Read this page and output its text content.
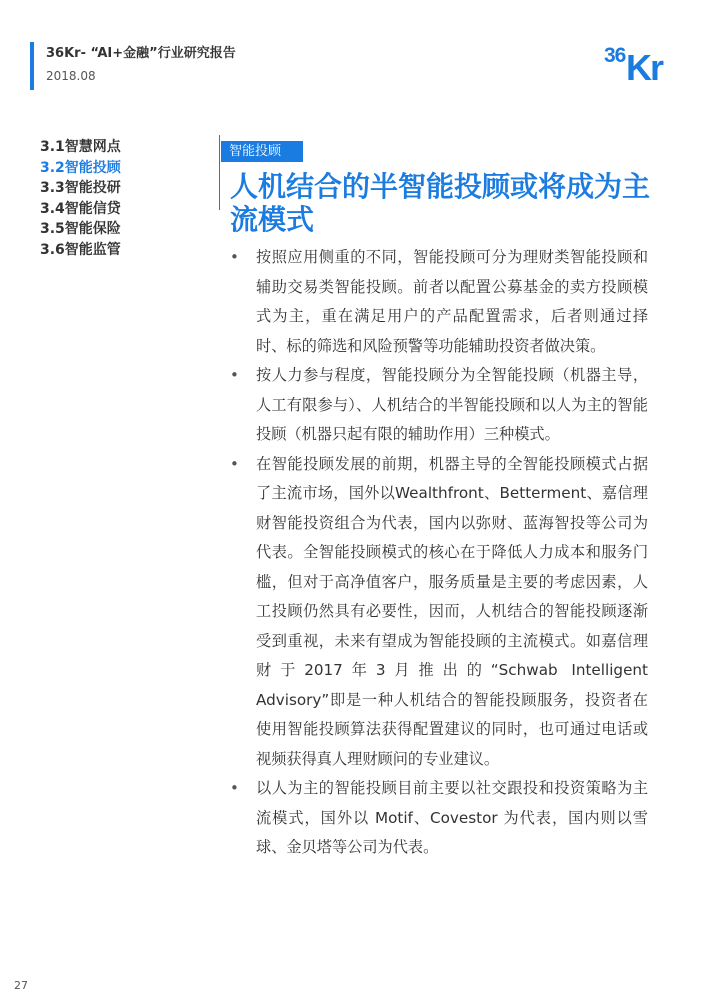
36Kr- “AI+金融”行业研究报告
2018.08
36 Kr
3.1智慧网点
3.2智能投顾
3.3智能投研
3.4智能信贷
3.5智能保险
3.6智能监管
智能投顾
人机结合的半智能投顾或将成为主流模式
• 按照应用侧重的不同，智能投顾可分为理财类智能投顾和辅助交易类智能投顾。前者以配置公募基金的卖方投顾模式为主，重在满足用户的产品配置需求，后者则通过择时、标的筛选和风险预警等功能辅助投资者做决策。
• 按人力参与程度，智能投顾分为全智能投顾（机器主导，人工有限参与）、人机结合的半智能投顾和以人为主的智能投顾（机器只起有限的辅助作用）三种模式。
• 在智能投顾发展的前期，机器主导的全智能投顾模式占据了主流市场，国外以Wealthfront、Betterment、嘉信理财智能投资组合为代表，国内以弥财、蓝海智投等公司为代表。全智能投顾模式的核心在于降低人力成本和服务门槛，但对于高净值客户，服务质量是主要的考虑因素，人工投顾仍然具有必要性，因而，人机结合的智能投顾逐渐受到重视，未来有望成为智能投顾的主流模式。如嘉信理财于2017年3月推出的“Schwab Intelligent Advisory”即是一种人机结合的智能投顾服务，投资者在使用智能投顾算法获得配置建议的同时，也可通过电话或视频获得真人理财顾问的专业建议。
• 以人为主的智能投顾目前主要以社交跟投和投资策略为主流模式，国外以 Motif、Covestor 为代表，国内则以雪球、金贝塔等公司为代表。
27
